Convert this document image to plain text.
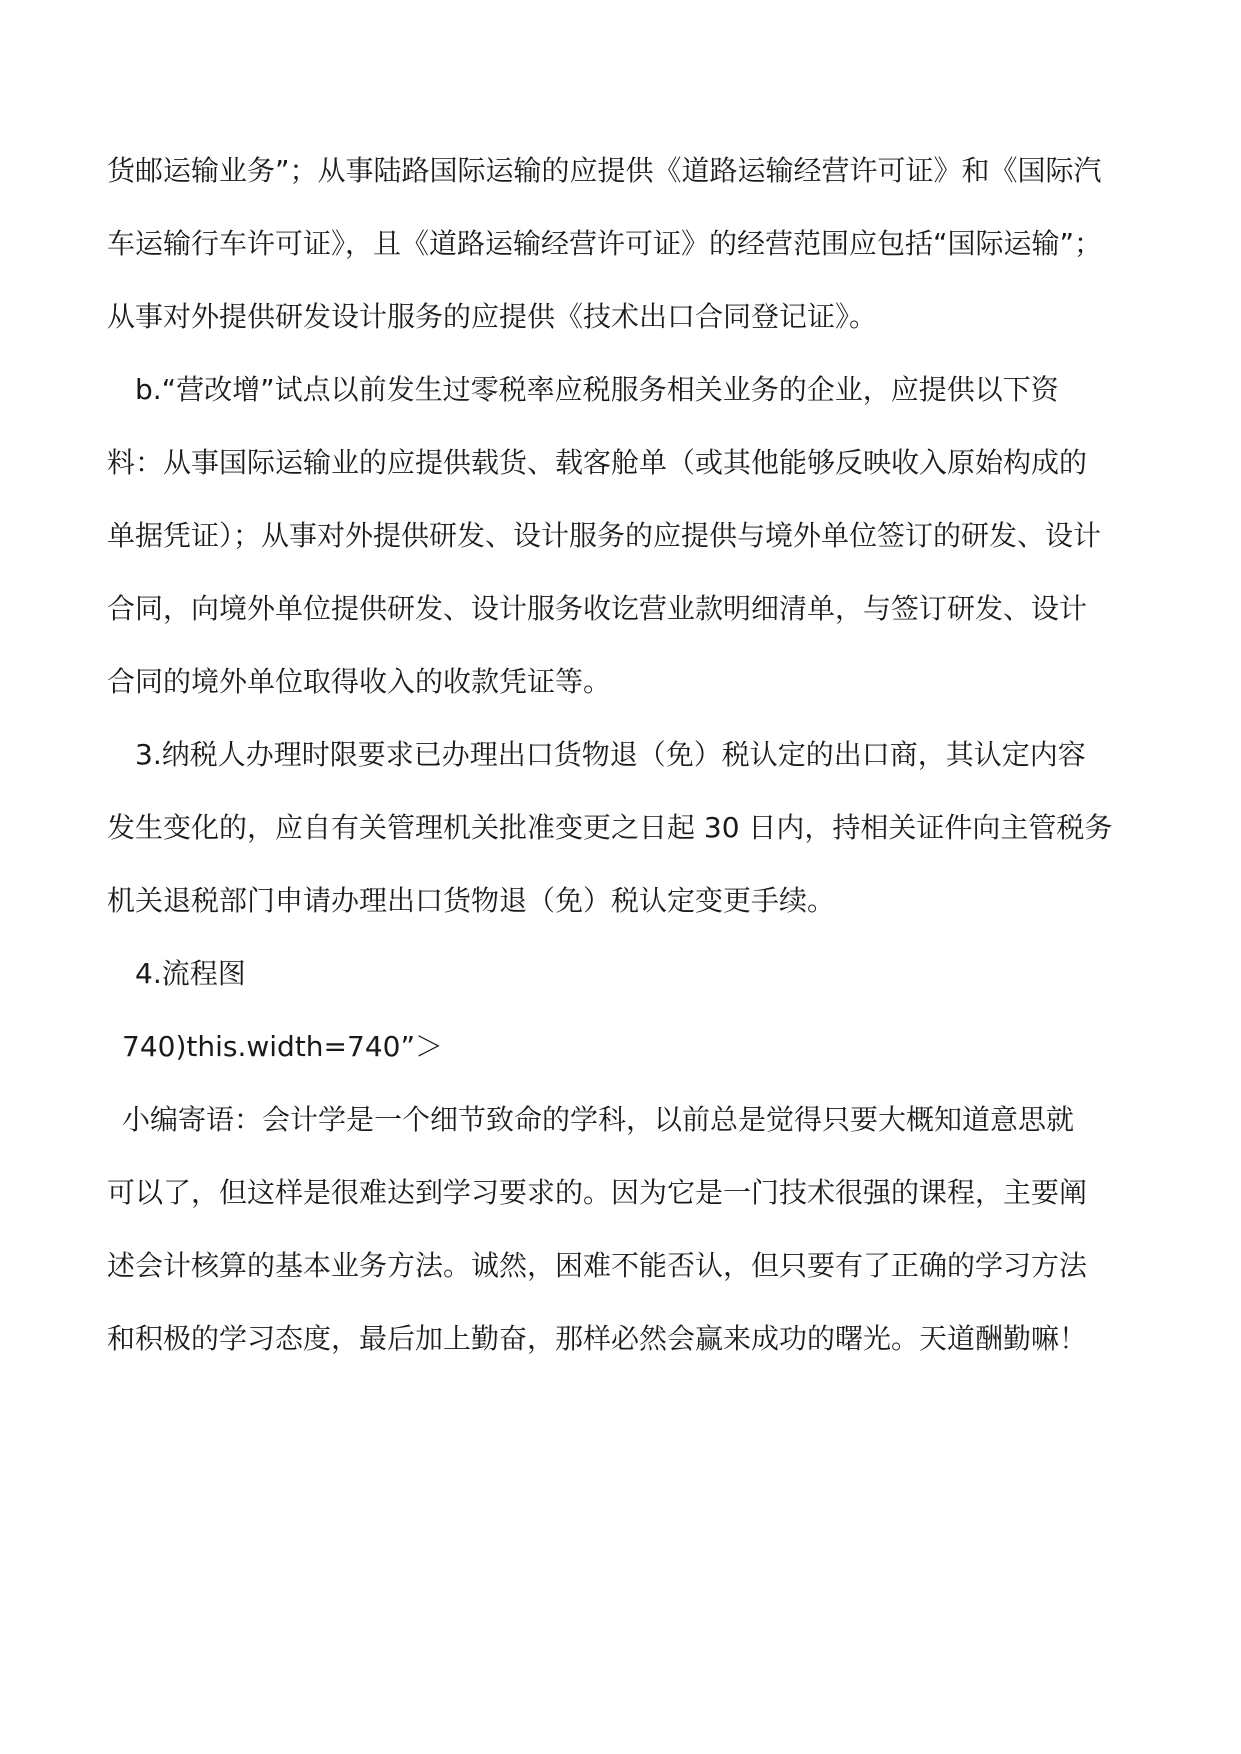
货邮运输业务”；从事陆路国际运输的应提供《道路运输经营许可证》和《国际汽
车运输行车许可证》，且《道路运输经营许可证》的经营范围应包括“国际运输”；
从事对外提供研发设计服务的应提供《技术出口合同登记证》。
b.“营改增”试点以前发生过零税率应税服务相关业务的企业，应提供以下资
料：从事国际运输业的应提供载货、载客舱单（或其他能够反映收入原始构成的
单据凭证）；从事对外提供研发、设计服务的应提供与境外单位签订的研发、设计
合同，向境外单位提供研发、设计服务收讫营业款明细清单，与签订研发、设计
合同的境外单位取得收入的收款凭证等。
3.纳税人办理时限要求已办理出口货物退（免）税认定的出口商，其认定内容
发生变化的，应自有关管理机关批准变更之日起 30 日内，持相关证件向主管税务
机关退税部门申请办理出口货物退（免）税认定变更手续。
4.流程图
740)this.width=740”＞
小编寄语：会计学是一个细节致命的学科，以前总是觉得只要大概知道意思就
可以了，但这样是很难达到学习要求的。因为它是一门技术很强的课程，主要阐
述会计核算的基本业务方法。诚然，困难不能否认，但只要有了正确的学习方法
和积极的学习态度，最后加上勤奋，那样必然会赢来成功的曙光。天道酬勤嘛！
